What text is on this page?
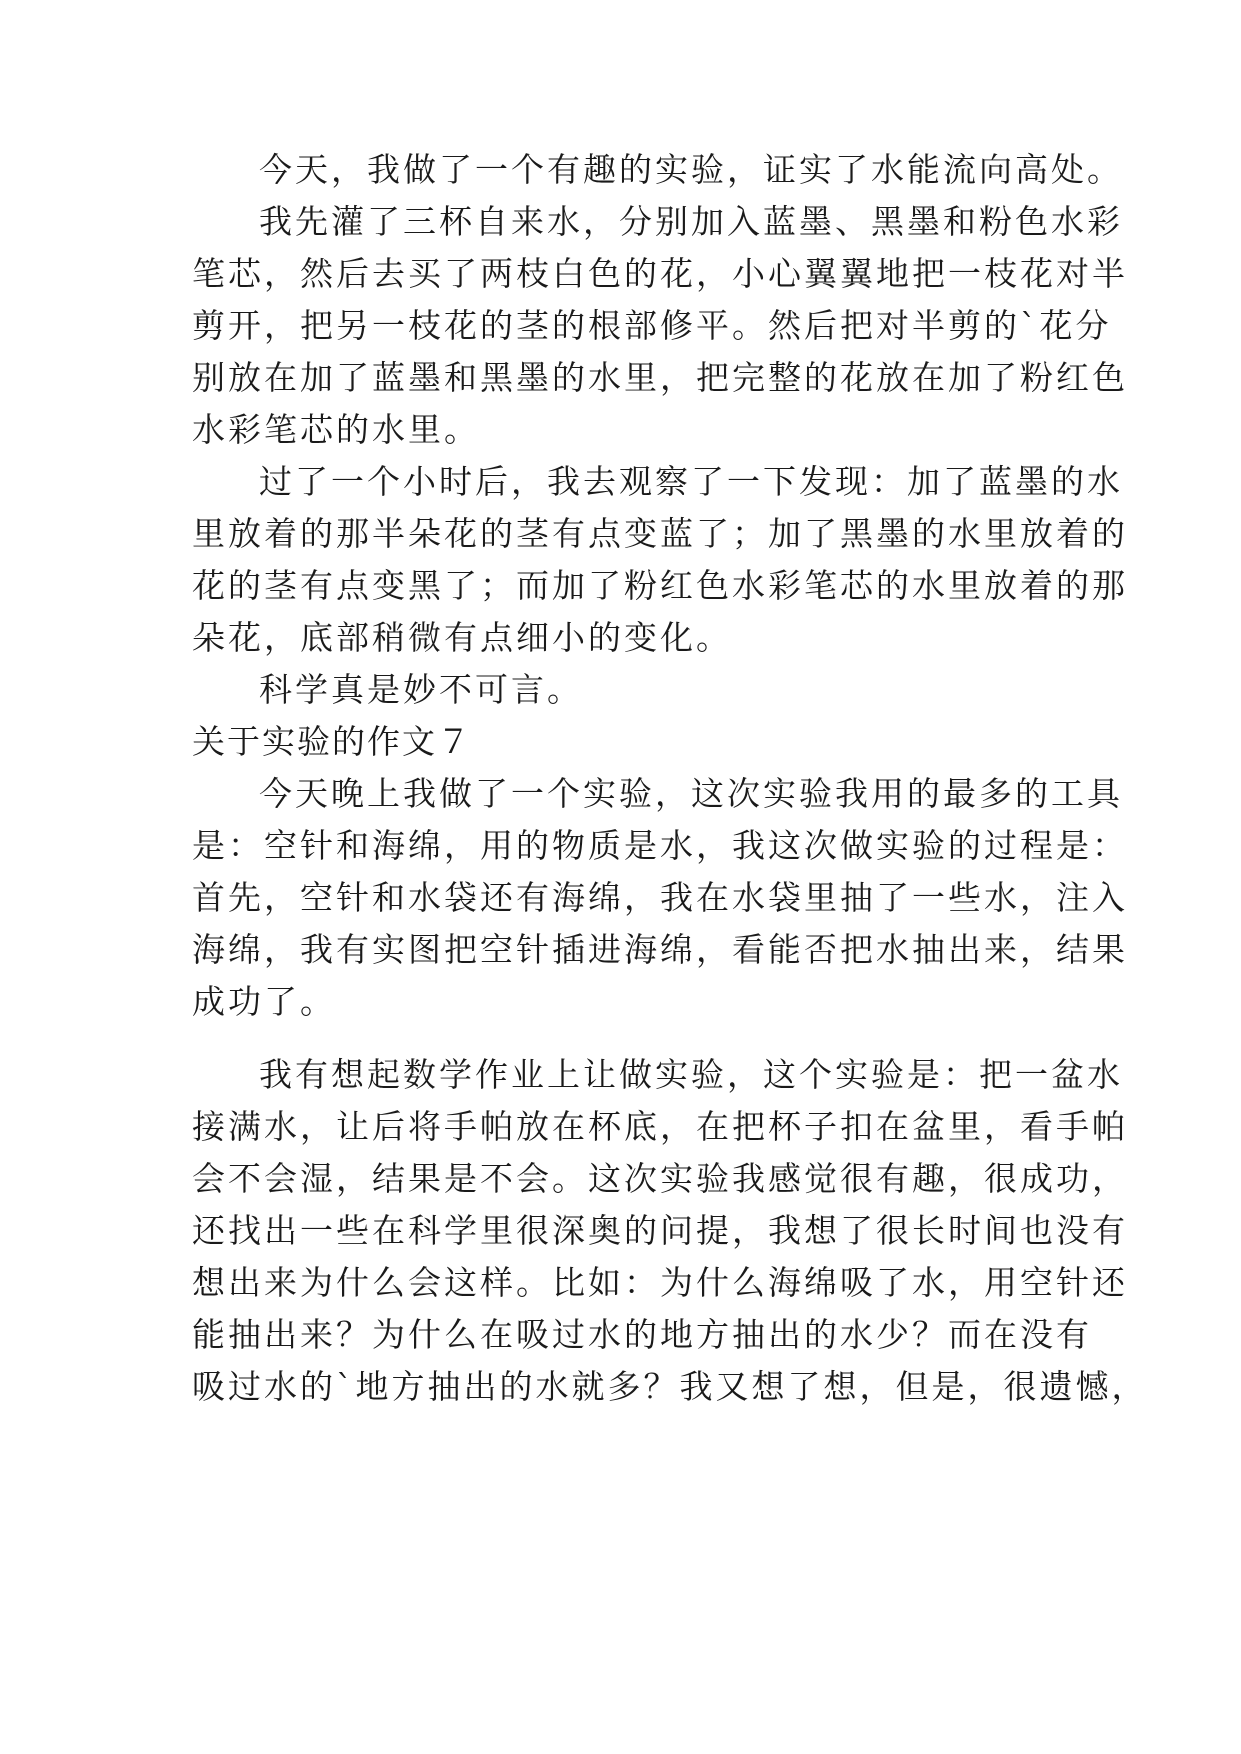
今天，我做了一个有趣的实验，证实了水能流向高处。
我先灌了三杯自来水，分别加入蓝墨、黑墨和粉色水彩
笔芯，然后去买了两枝白色的花，小心翼翼地把一枝花对半
剪开，把另一枝花的茎的根部修平。然后把对半剪的`花分
别放在加了蓝墨和黑墨的水里，把完整的花放在加了粉红色
水彩笔芯的水里。
过了一个小时后，我去观察了一下发现：加了蓝墨的水
里放着的那半朵花的茎有点变蓝了；加了黑墨的水里放着的
花的茎有点变黑了；而加了粉红色水彩笔芯的水里放着的那
朵花，底部稍微有点细小的变化。
科学真是妙不可言。
关于实验的作文７
今天晚上我做了一个实验，这次实验我用的最多的工具
是：空针和海绵，用的物质是水，我这次做实验的过程是：
首先，空针和水袋还有海绵，我在水袋里抽了一些水，注入
海绵，我有实图把空针插进海绵，看能否把水抽出来，结果
成功了。
我有想起数学作业上让做实验，这个实验是：把一盆水
接满水，让后将手帕放在杯底，在把杯子扣在盆里，看手帕
会不会湿，结果是不会。这次实验我感觉很有趣，很成功，
还找出一些在科学里很深奥的问提，我想了很长时间也没有
想出来为什么会这样。比如：为什么海绵吸了水，用空针还
能抽出来？为什么在吸过水的地方抽出的水少？而在没有
吸过水的`地方抽出的水就多？我又想了想，但是，很遗憾，
